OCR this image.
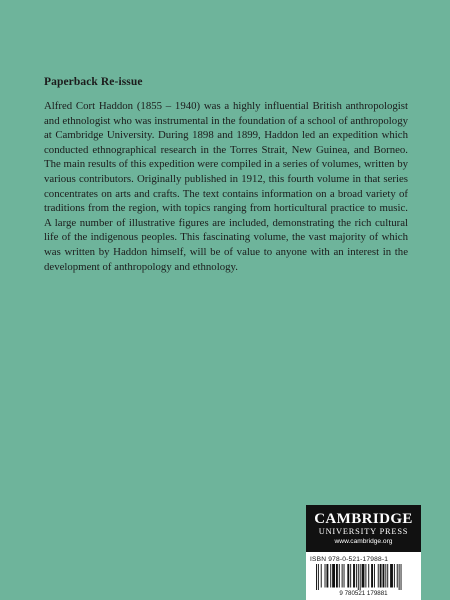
Paperback Re-issue

Alfred Cort Haddon (1855 – 1940) was a highly influential British anthropologist and ethnologist who was instrumental in the foundation of a school of anthropology at Cambridge University. During 1898 and 1899, Haddon led an expedition which conducted ethnographical research in the Torres Strait, New Guinea, and Borneo. The main results of this expedition were compiled in a series of volumes, written by various contributors. Originally published in 1912, this fourth volume in that series concentrates on arts and crafts. The text contains information on a broad variety of traditions from the region, with topics ranging from horticultural practice to music. A large number of illustrative figures are included, demonstrating the rich cultural life of the indigenous peoples. This fascinating volume, the vast majority of which was written by Haddon himself, will be of value to anyone with an interest in the development of anthropology and ethnology.

CAMBRIDGE
UNIVERSITY PRESS
www.cambridge.org
ISBN 978-0-521-17988-1
9 780521 179881
